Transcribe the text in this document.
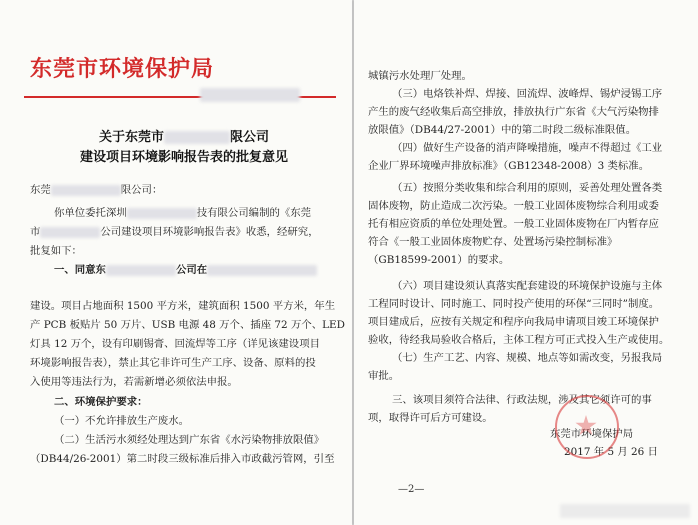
东莞市环境保护局
关于东莞市	限公司
建设项目环境影响报告表的批复意见
东莞	限公司：
你单位委托深圳	技有限公司编制的《东莞
市	公司建设项目环境影响报告表》收悉，经研究，
批复如下：
一、同意东	公司在
建设。项目占地面积 1500 平方米，建筑面积 1500 平方米，年生
产 PCB 板贴片 50 万片、USB 电源 48 万个、插座 72 万个、LED
灯具 12 万个，设有印刷锡膏、回流焊等工序（详见该建设项目
环境影响报告表），禁止其它非许可生产工序、设备、原料的投
入使用等违法行为，若需新增必须依法申报。
二、环境保护要求：
（一）不允许排放生产废水。
（二）生活污水须经处理达到广东省《水污染物排放限值》
（DB44/26-2001）第二时段三级标准后排入市政截污管网，引至
城镇污水处理厂处理。
（三）电烙铁补焊、焊接、回流焊、波峰焊、锡炉浸锡工序
产生的废气经收集后高空排放，排放执行广东省《大气污染物排
放限值》（DB44/27-2001）中的第二时段二级标准限值。
（四）做好生产设备的消声降噪措施，噪声不得超过《工业
企业厂界环境噪声排放标准》（GB12348-2008）3 类标准。
（五）按照分类收集和综合利用的原则，妥善处理处置各类
固体废物，防止造成二次污染。一般工业固体废物综合利用或委
托有相应资质的单位处理处置。一般工业固体废物在厂内暂存应
符合《一般工业固体废物贮存、处置场污染控制标准》
（GB18599-2001）的要求。
（六）项目建设须认真落实配套建设的环境保护设施与主体
工程同时设计、同时施工、同时投产使用的环保“三同时”制度。
项目建成后，应按有关规定和程序向我局申请项目竣工环境保护
验收，待经我局验收合格后，主体工程方可正式投入生产或使用。
（七）生产工艺、内容、规模、地点等如需改变，另报我局
审批。
三、该项目须符合法律、行政法规，涉及其它须许可的事
项，取得许可后方可建设。
东莞市环境保护局
2017 年 5 月 26 日
—2—
